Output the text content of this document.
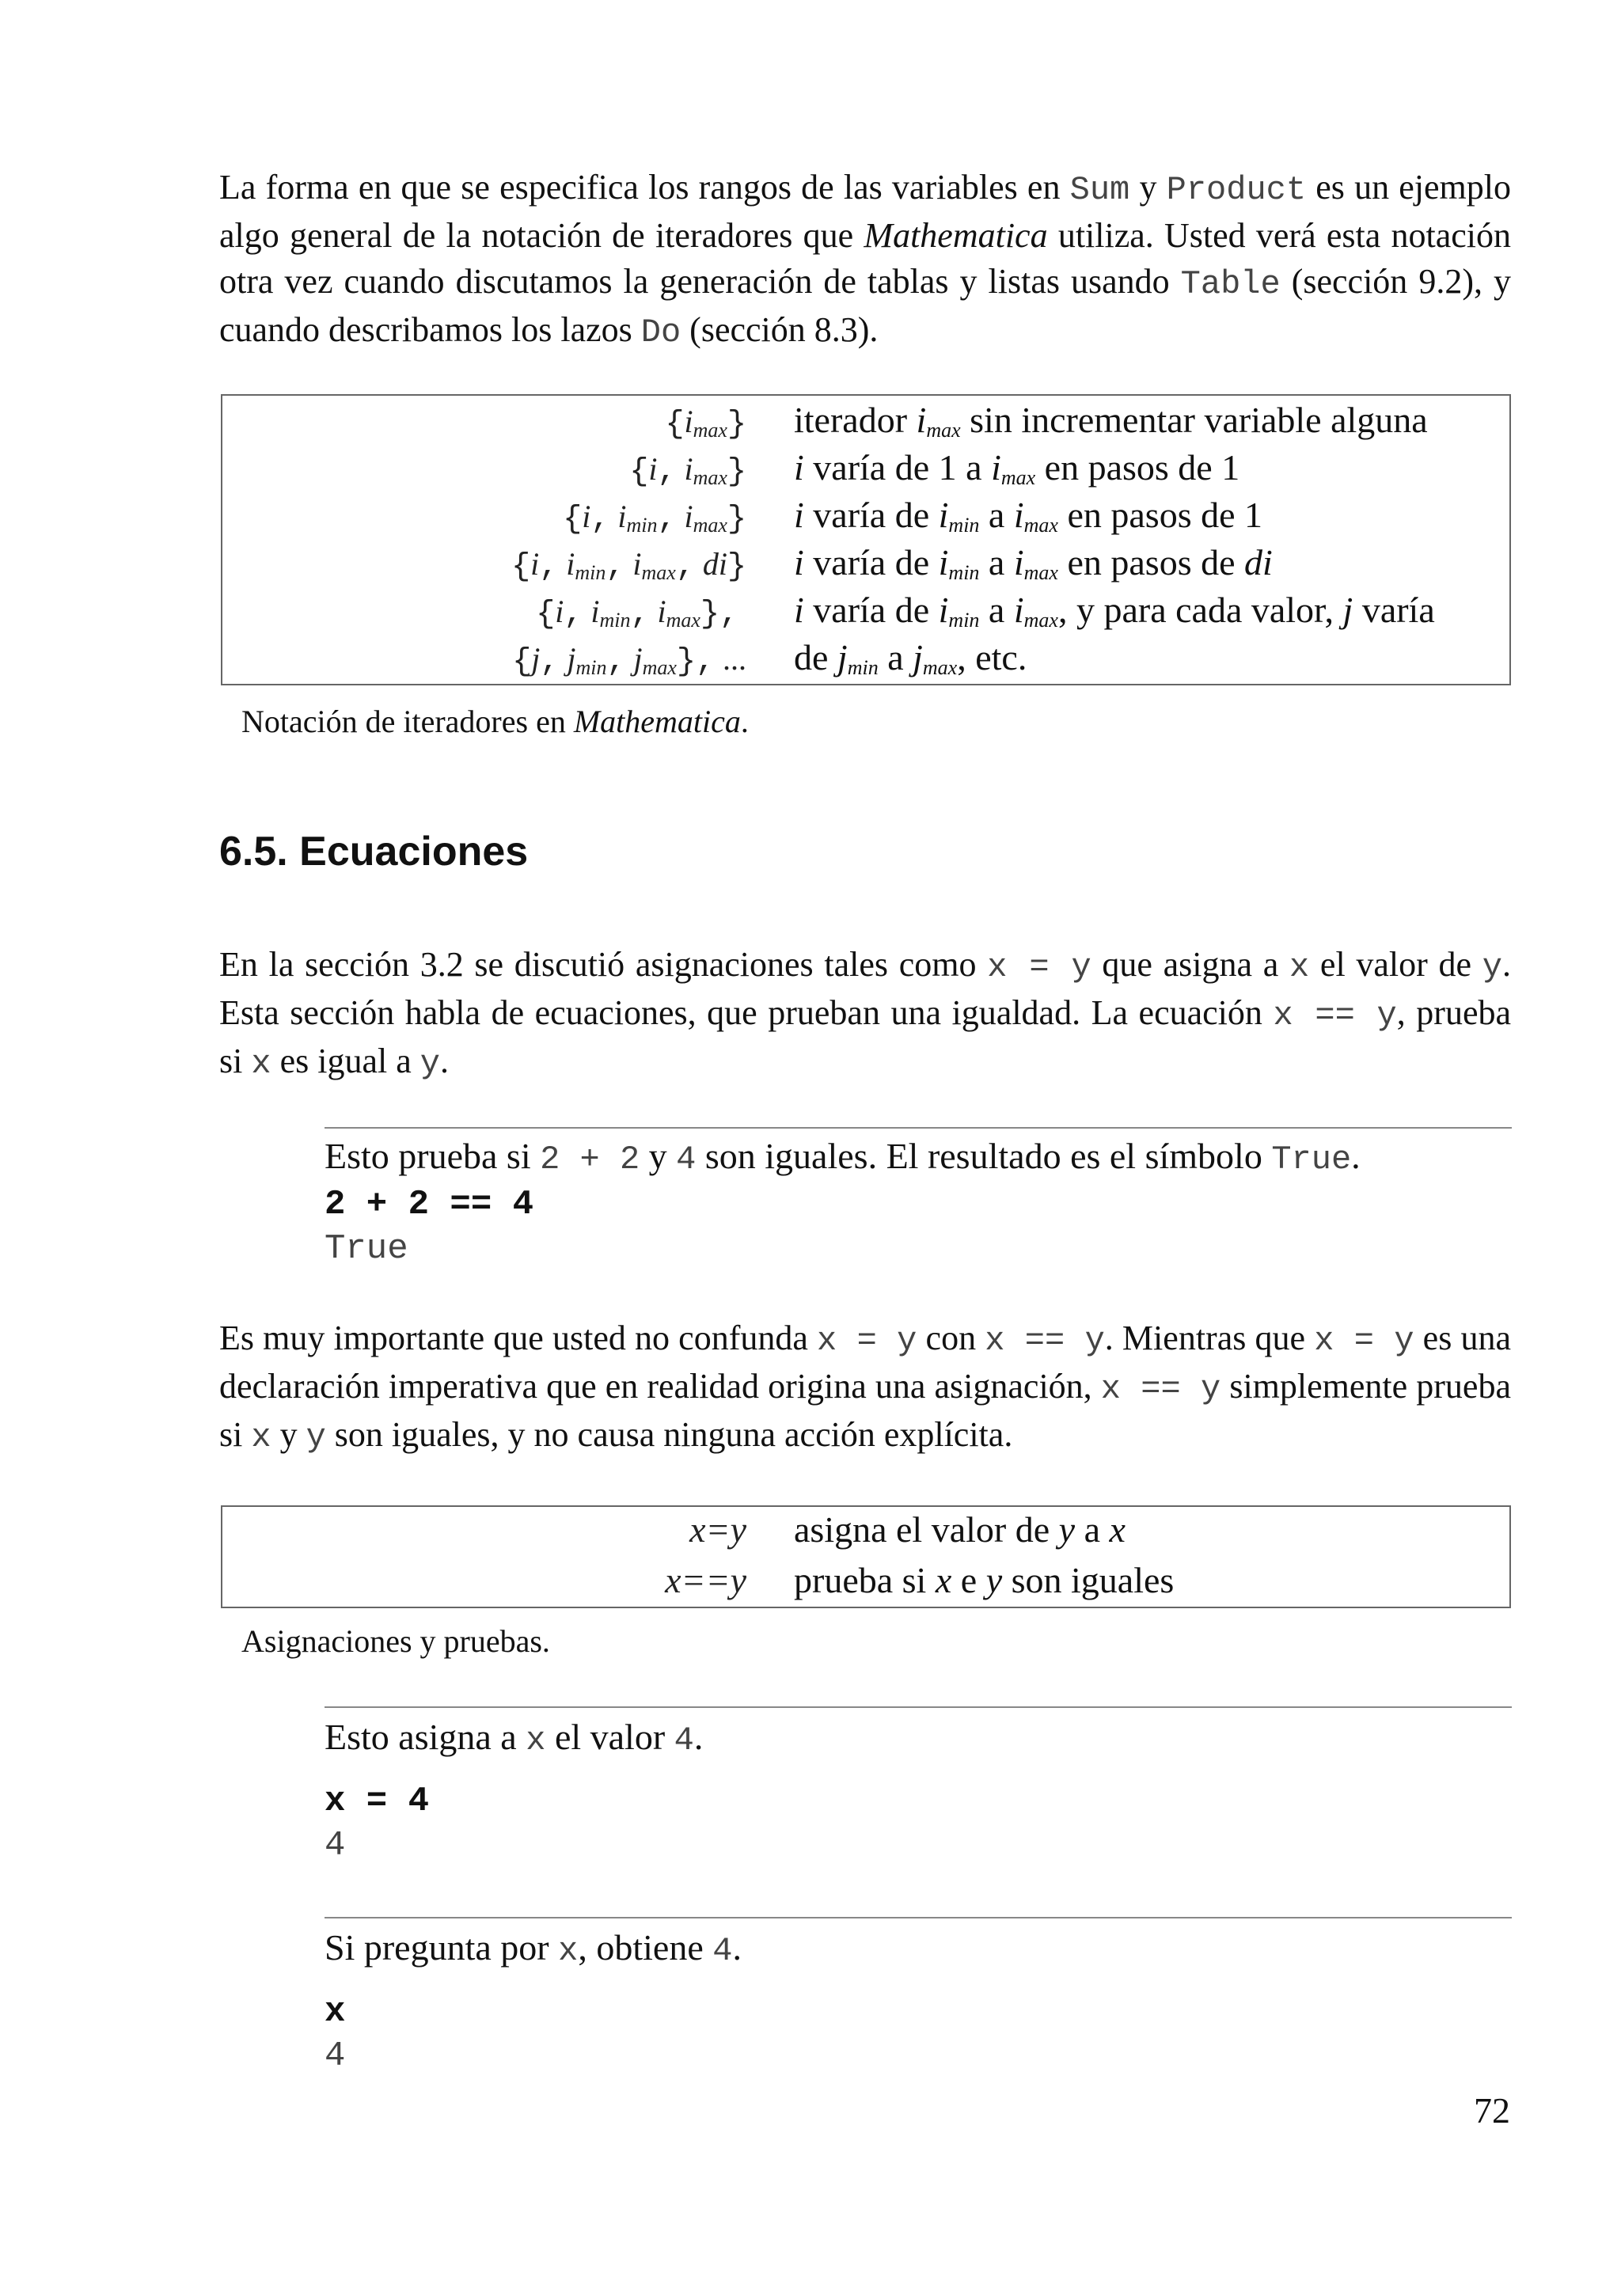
La forma en que se especifica los rangos de las variables en Sum y Product es un ejemplo algo general de la notación de iteradores que Mathematica utiliza. Usted verá esta notación otra vez cuando discutamos la generación de tablas y listas usando Table (sección 9.2), y cuando describamos los lazos Do (sección 8.3).

$\{i_{max}\}$	iterador $i_{max}$ sin incrementar variable alguna
{i, $i_{max}$}	i varía de 1 a $i_{max}$ en pasos de 1
{i, $i_{min}$, $i_{max}$}	i varía de $i_{min}$ a $i_{max}$ en pasos de 1
{i, $i_{min}$, $i_{max}$, di}	i varía de $i_{min}$ a $i_{max}$ en pasos de di
{i, $i_{min}$, $i_{max}$},	i varía de $i_{min}$ a $i_{max}$, y para cada valor, j varía
{j, $j_{min}$, $j_{max}$}, ...	de $j_{min}$ a $j_{max}$, etc.

Notación de iteradores en Mathematica.

6.5. Ecuaciones

En la sección 3.2 se discutió asignaciones tales como x = y que asigna a x el valor de y. Esta sección habla de ecuaciones, que prueban una igualdad. La ecuación x == y, prueba si x es igual a y.

Esto prueba si 2 + 2 y 4 son iguales. El resultado es el símbolo True.

2 + 2 == 4

True

Es muy importante que usted no confunda x = y con x == y. Mientras que x = y es una declaración imperativa que en realidad origina una asignación, x == y simplemente prueba si x y y son iguales, y no causa ninguna acción explícita.

x=y	asigna el valor de y a x
x==y	prueba si x e y son iguales

Asignaciones y pruebas.

Esto asigna a x el valor 4.

x = 4

4

Si pregunta por x, obtiene 4.

x

4

72
